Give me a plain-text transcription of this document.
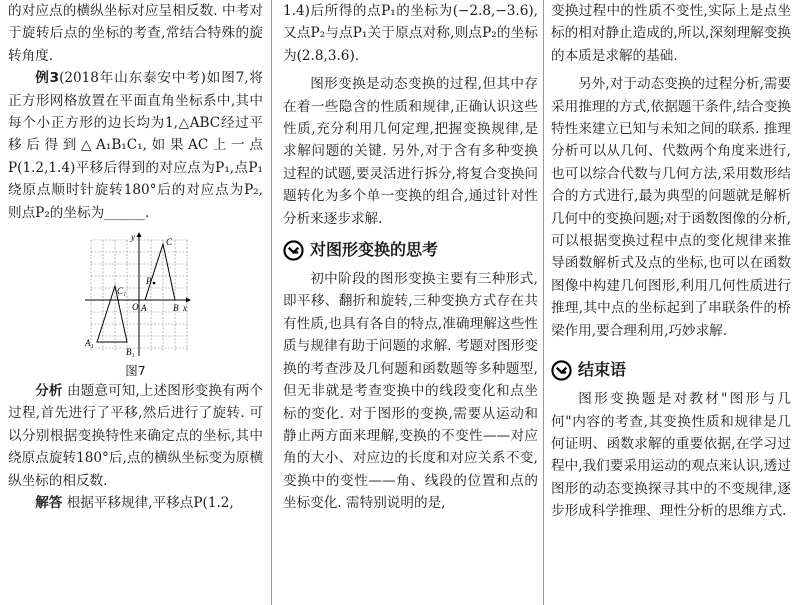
的对应点的横纵坐标对应呈相反数. 中考对于旋转后点的坐标的考查,常结合特殊的旋转角度.

例3(2018年山东泰安中考)如图7,将正方形网格放置在平面直角坐标系中,其中每个小正方形的边长均为1,△ABC经过平移后得到△A₁B₁C₁,如果AC上一点P(1.2,1.4)平移后得到的对应点为P₁,点P₁绕原点顺时针旋转180°后的对应点为P₂,则点P₂的坐标为______.

y
x
O A	B
C
P
A₁
B₁
C₁
图7

分析 由题意可知,上述图形变换有两个过程,首先进行了平移,然后进行了旋转. 可以分别根据变换特性来确定点的坐标,其中绕原点旋转180°后,点的横纵坐标变为原横纵坐标的相反数.

解答 根据平移规律,平移点P(1.2,

1.4)后所得的点P₁的坐标为(−2.8,−3.6),又点P₂与点P₁关于原点对称,则点P₂的坐标为(2.8,3.6).

图形变换是动态变换的过程,但其中存在着一些隐含的性质和规律,正确认识这些性质,充分利用几何定理,把握变换规律,是求解问题的关键. 另外,对于含有多种变换过程的试题,要灵活进行拆分,将复合变换问题转化为多个单一变换的组合,通过针对性分析来逐步求解.

对图形变换的思考

初中阶段的图形变换主要有三种形式,即平移、翻折和旋转,三种变换方式存在共有性质,也具有各自的特点,准确理解这些性质与规律有助于问题的求解. 考题对图形变换的考查涉及几何题和函数题等多种题型,但无非就是考查变换中的线段变化和点坐标的变化. 对于图形的变换,需要从运动和静止两方面来理解,变换的不变性——对应角的大小、对应边的长度和对应关系不变,变换中的变性——角、线段的位置和点的坐标变化. 需特别说明的是,

变换过程中的性质不变性,实际上是点坐标的相对静止造成的,所以,深刻理解变换的本质是求解的基础.

另外,对于动态变换的过程分析,需要采用推理的方式,依据题干条件,结合变换特性来建立已知与未知之间的联系. 推理分析可以从几何、代数两个角度来进行,也可以综合代数与几何方法,采用数形结合的方式进行,最为典型的问题就是解析几何中的变换问题;对于函数图像的分析,可以根据变换过程中点的变化规律来推导函数解析式及点的坐标,也可以在函数图像中构建几何图形,利用几何性质进行推理,其中点的坐标起到了串联条件的桥梁作用,要合理利用,巧妙求解.

结束语

图形变换题是对教材"图形与几何"内容的考查,其变换性质和规律是几何证明、函数求解的重要依据,在学习过程中,我们要采用运动的观点来认识,透过图形的动态变换探寻其中的不变规律,逐步形成科学推理、理性分析的思维方式.
